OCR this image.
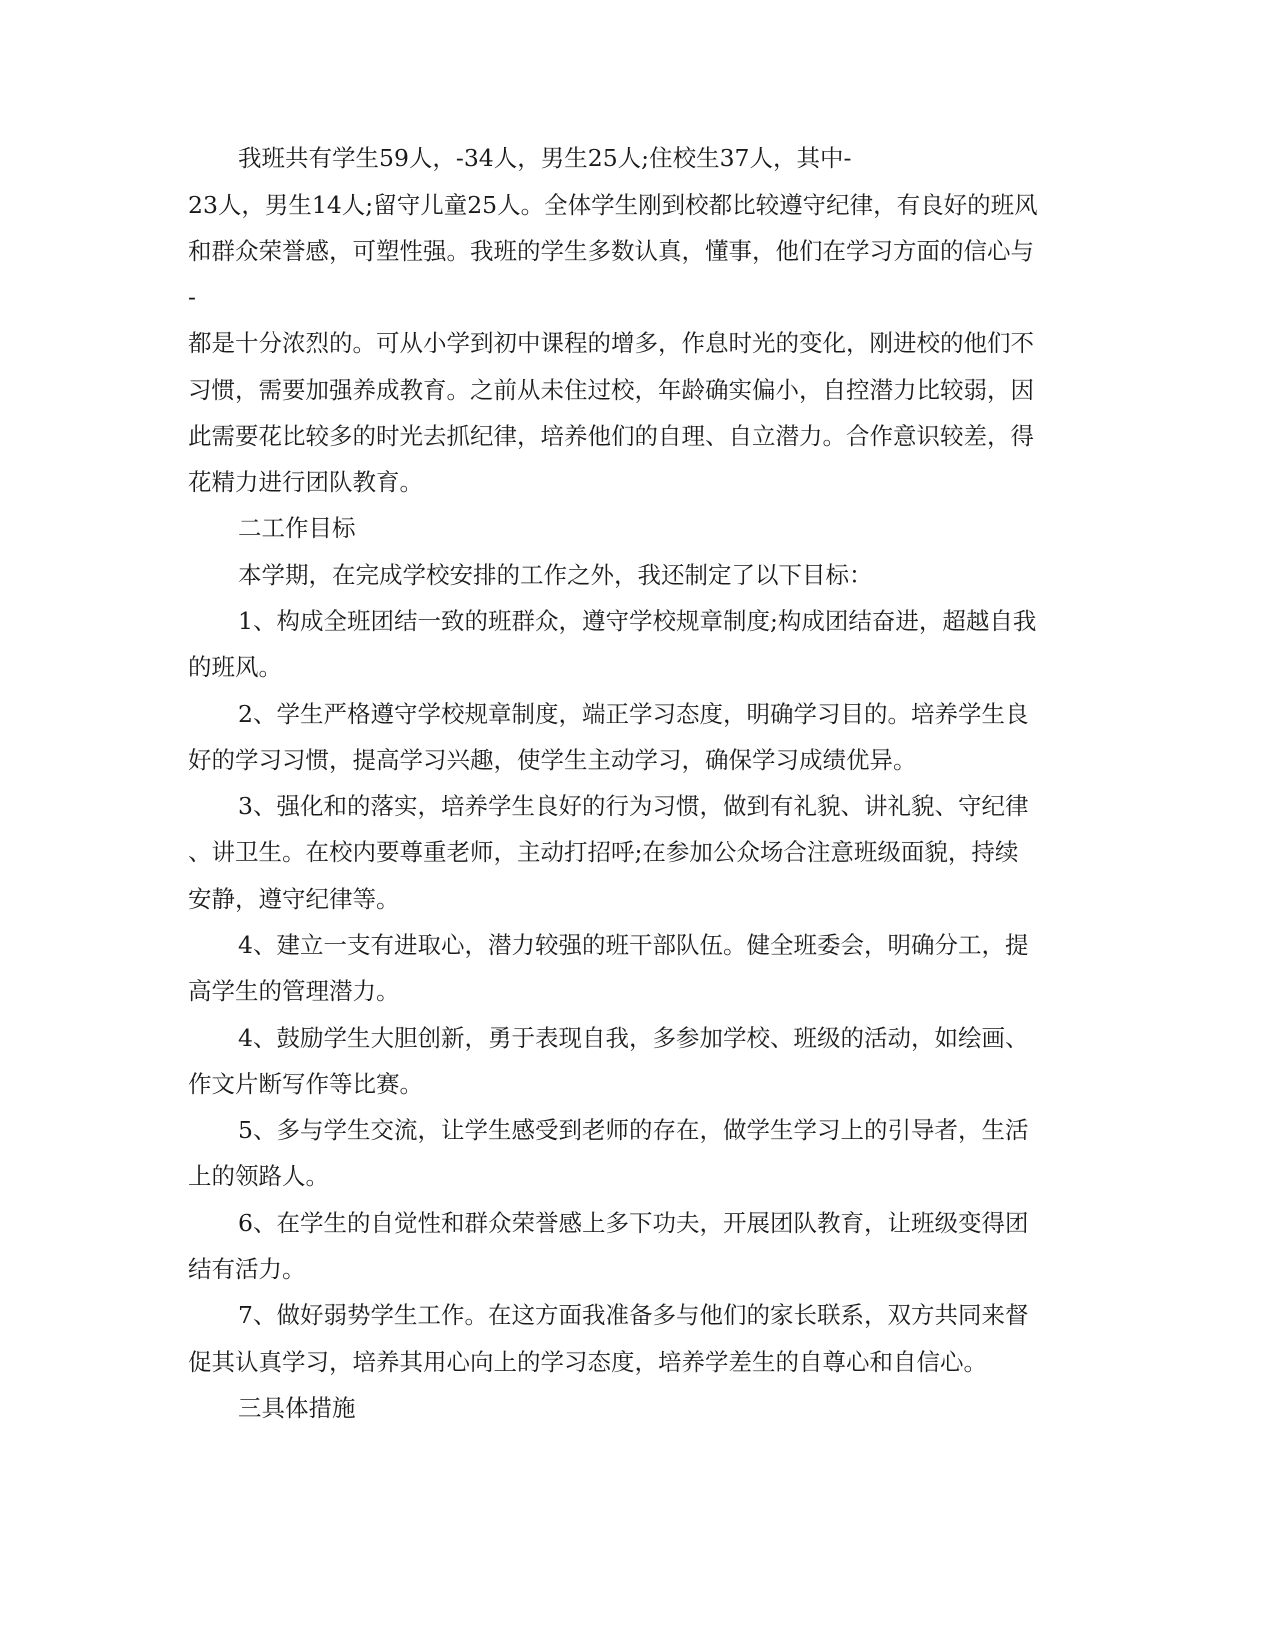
我班共有学生59人，-34人，男生25人;住校生37人，其中-
23人，男生14人;留守儿童25人。全体学生刚到校都比较遵守纪律，有良好的班风
和群众荣誉感，可塑性强。我班的学生多数认真，懂事，他们在学习方面的信心与
-
都是十分浓烈的。可从小学到初中课程的增多，作息时光的变化，刚进校的他们不
习惯，需要加强养成教育。之前从未住过校，年龄确实偏小，自控潜力比较弱，因
此需要花比较多的时光去抓纪律，培养他们的自理、自立潜力。合作意识较差，得
花精力进行团队教育。
二工作目标
本学期，在完成学校安排的工作之外，我还制定了以下目标：
1、构成全班团结一致的班群众，遵守学校规章制度;构成团结奋进，超越自我
的班风。
2、学生严格遵守学校规章制度，端正学习态度，明确学习目的。培养学生良
好的学习习惯，提高学习兴趣，使学生主动学习，确保学习成绩优异。
3、强化和的落实，培养学生良好的行为习惯，做到有礼貌、讲礼貌、守纪律
、讲卫生。在校内要尊重老师，主动打招呼;在参加公众场合注意班级面貌，持续
安静，遵守纪律等。
4、建立一支有进取心，潜力较强的班干部队伍。健全班委会，明确分工，提
高学生的管理潜力。
4、鼓励学生大胆创新，勇于表现自我，多参加学校、班级的活动，如绘画、
作文片断写作等比赛。
5、多与学生交流，让学生感受到老师的存在，做学生学习上的引导者，生活
上的领路人。
6、在学生的自觉性和群众荣誉感上多下功夫，开展团队教育，让班级变得团
结有活力。
7、做好弱势学生工作。在这方面我准备多与他们的家长联系，双方共同来督
促其认真学习，培养其用心向上的学习态度，培养学差生的自尊心和自信心。
三具体措施
